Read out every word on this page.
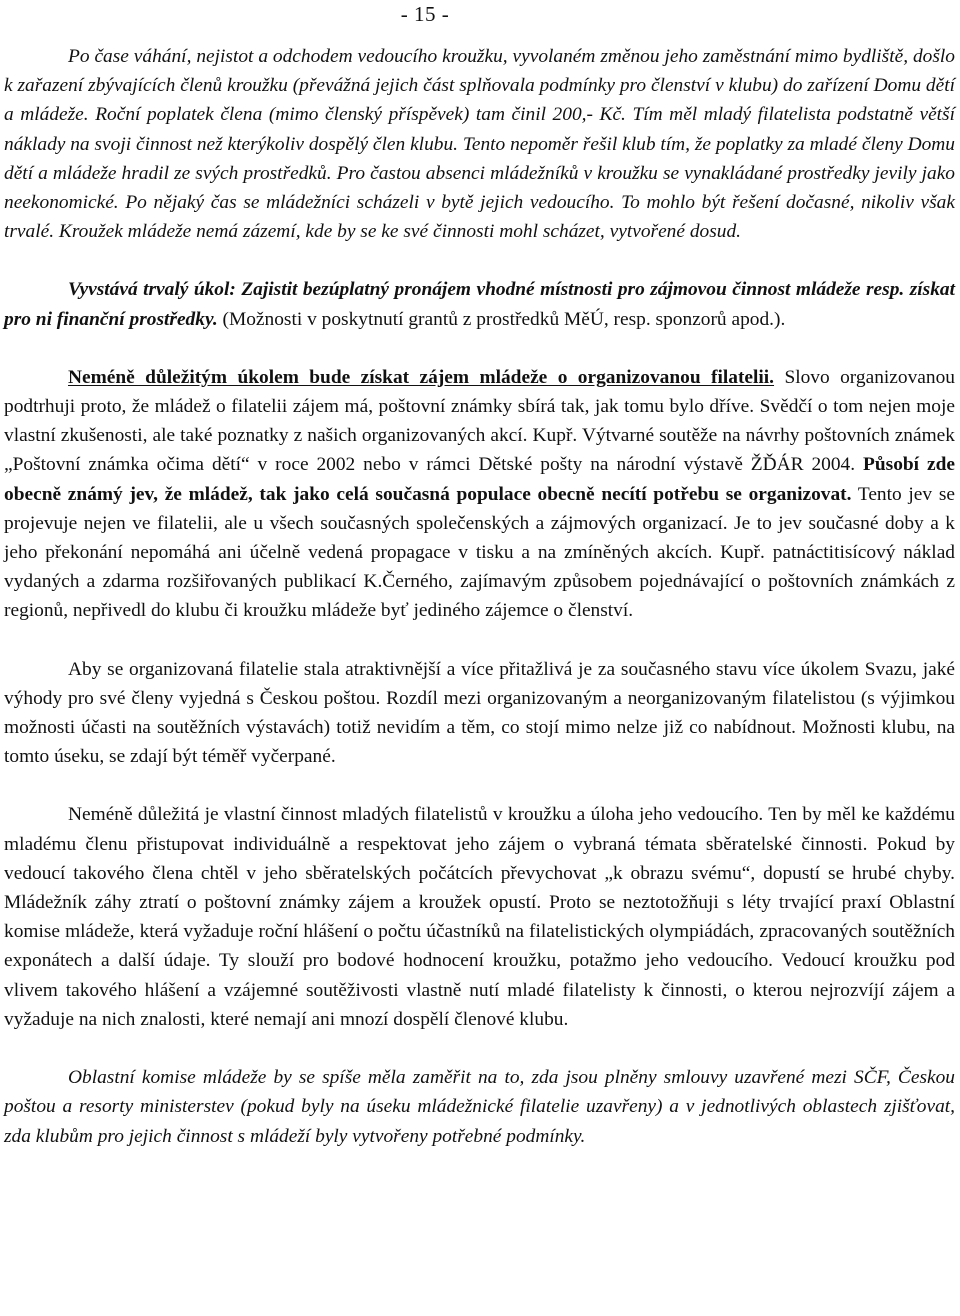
- 15 -

Po čase váhání, nejistot a odchodem vedoucího kroužku, vyvolaném změnou jeho zaměstnání mimo bydliště, došlo k zařazení zbývajících členů kroužku (převážná jejich část splňovala podmínky pro členství v klubu) do zařízení Domu dětí a mládeže. Roční poplatek člena (mimo členský příspěvek) tam činil 200,- Kč. Tím měl mladý filatelista podstatně větší náklady na svoji činnost než kterýkoliv dospělý člen klubu. Tento nepoměr řešil klub tím, že poplatky za mladé členy Domu dětí a mládeže hradil ze svých prostředků. Pro častou absenci mládežníků v kroužku se vynakládané prostředky jevily jako neekonomické. Po nějaký čas se mládežníci scházeli v bytě jejich vedoucího. To mohlo být řešení dočasné, nikoliv však trvalé. Kroužek mládeže nemá zázemí, kde by se ke své činnosti mohl scházet, vytvořené dosud.

Vyvstává trvalý úkol: Zajistit bezúplatný pronájem vhodné místnosti pro zájmovou činnost mládeže resp. získat pro ni finanční prostředky. (Možnosti v poskytnutí grantů z prostředků MěÚ, resp. sponzorů apod.).

Neméně důležitým úkolem bude získat zájem mládeže o organizovanou filatelii. Slovo organizovanou podtrhuji proto, že mládež o filatelii zájem má, poštovní známky sbírá tak, jak tomu bylo dříve. Svědčí o tom nejen moje vlastní zkušenosti, ale také poznatky z našich organizovaných akcí. Kupř. Výtvarné soutěže na návrhy poštovních známek „Poštovní známka očima dětí“ v roce 2002 nebo v rámci Dětské pošty na národní výstavě ŽĎÁR 2004. Působí zde obecně známý jev, že mládež, tak jako celá současná populace obecně necítí potřebu se organizovat. Tento jev se projevuje nejen ve filatelii, ale u všech současných společenských a zájmových organizací. Je to jev současné doby a k jeho překonání nepomáhá ani účelně vedená propagace v tisku a na zmíněných akcích. Kupř. patnáctitisícový náklad vydaných a zdarma rozšiřovaných publikací K.Černého, zajímavým způsobem pojednávající o poštovních známkách z regionů, nepřivedl do klubu či kroužku mládeže byť jediného zájemce o členství.

Aby se organizovaná filatelie stala atraktivnější a více přitažlivá je za současného stavu více úkolem Svazu, jaké výhody pro své členy vyjedná s Českou poštou. Rozdíl mezi organizovaným a neorganizovaným filatelistou (s výjimkou možnosti účasti na soutěžních výstavách) totiž nevidím a těm, co stojí mimo nelze již co nabídnout. Možnosti klubu, na tomto úseku, se zdají být téměř vyčerpané.

Neméně důležitá je vlastní činnost mladých filatelistů v kroužku a úloha jeho vedoucího. Ten by měl ke každému mladému členu přistupovat individuálně a respektovat jeho zájem o vybraná témata sběratelské činnosti. Pokud by vedoucí takového člena chtěl v jeho sběratelských počátcích převychovat „k obrazu svému“, dopustí se hrubé chyby. Mládežník záhy ztratí o poštovní známky zájem a kroužek opustí. Proto se neztotožňuji s léty trvající praxí Oblastní komise mládeže, která vyžaduje roční hlášení o počtu účastníků na filatelistických olympiádách, zpracovaných soutěžních exponátech a další údaje. Ty slouží pro bodové hodnocení kroužku, potažmo jeho vedoucího. Vedoucí kroužku pod vlivem takového hlášení a vzájemné soutěživosti vlastně nutí mladé filatelisty k činnosti, o kterou nejrozvíjí zájem a vyžaduje na nich znalosti, které nemají ani mnozí dospělí členové klubu.

Oblastní komise mládeže by se spíše měla zaměřit na to, zda jsou plněny smlouvy uzavřené mezi SČF, Českou poštou a resorty ministerstev (pokud byly na úseku mládežnické filatelie uzavřeny) a v jednotlivých oblastech zjišťovat, zda klubům pro jejich činnost s mládeží byly vytvořeny potřebné podmínky.
